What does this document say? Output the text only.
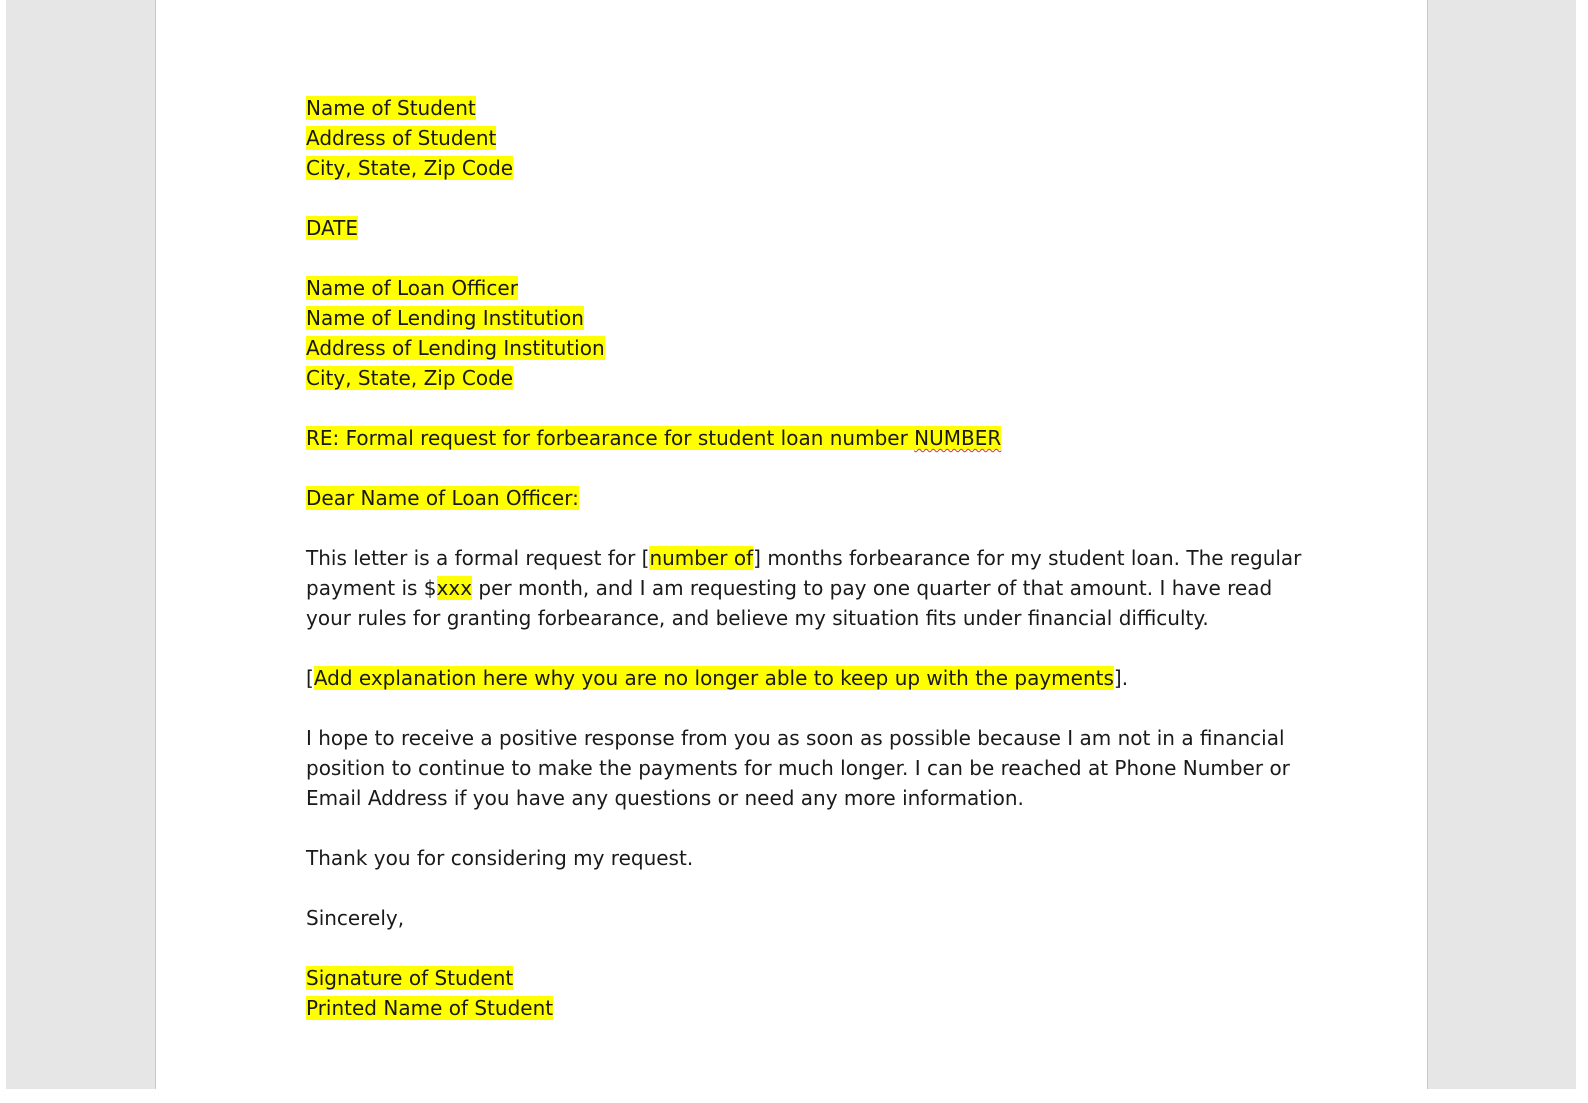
Name of Student
Address of Student
City, State, Zip Code
DATE
Name of Loan Officer
Name of Lending Institution
Address of Lending Institution
City, State, Zip Code
RE: Formal request for forbearance for student loan number NUMBER
Dear Name of Loan Officer:
This letter is a formal request for [number of] months forbearance for my student loan. The regular payment is $xxx per month, and I am requesting to pay one quarter of that amount. I have read your rules for granting forbearance, and believe my situation fits under financial difficulty.
[Add explanation here why you are no longer able to keep up with the payments].
I hope to receive a positive response from you as soon as possible because I am not in a financial position to continue to make the payments for much longer. I can be reached at Phone Number or Email Address if you have any questions or need any more information.
Thank you for considering my request.
Sincerely,
Signature of Student
Printed Name of Student
